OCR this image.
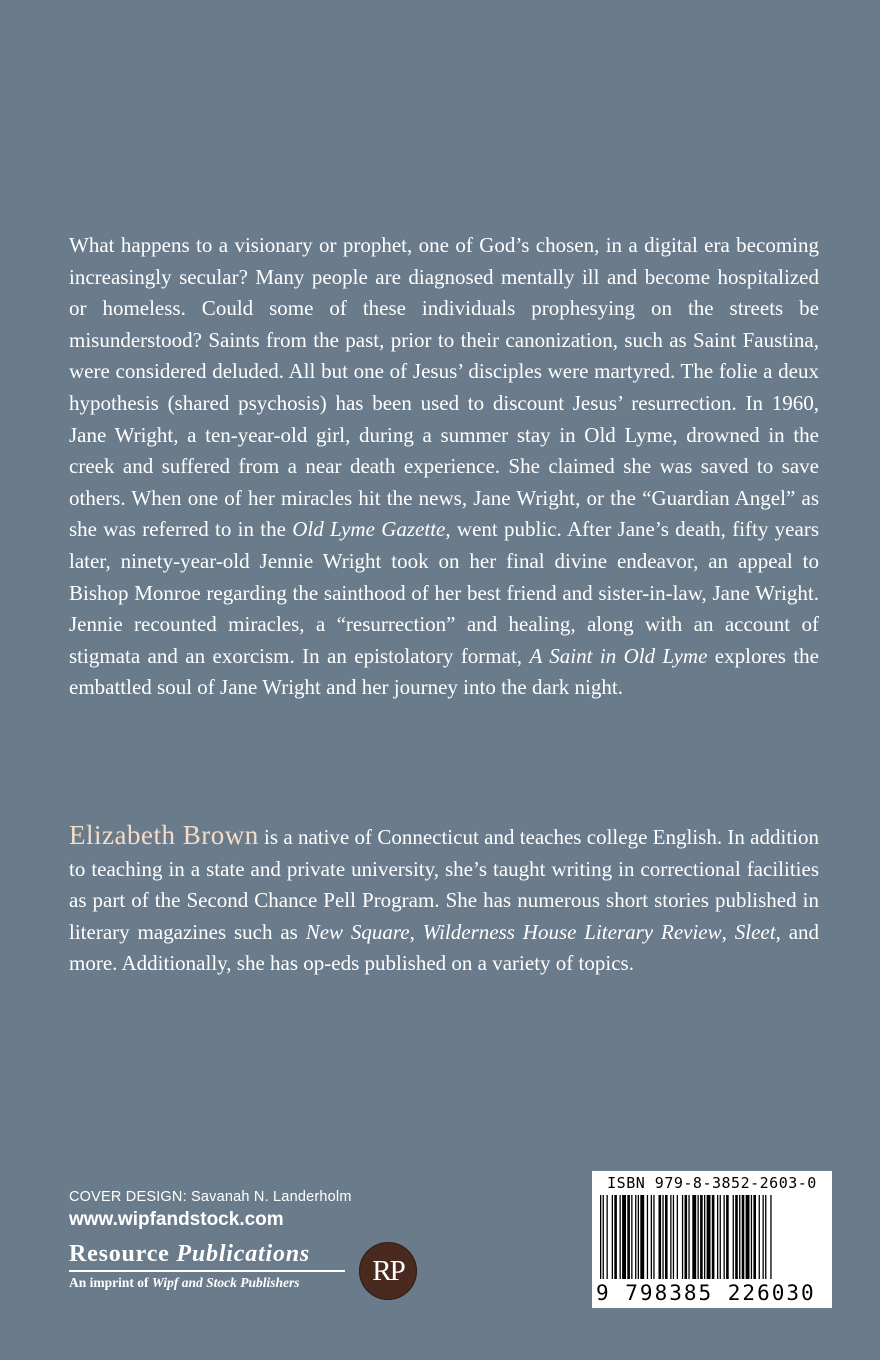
What happens to a visionary or prophet, one of God’s chosen, in a digital era becoming increasingly secular? Many people are diagnosed mentally ill and become hospitalized or homeless. Could some of these individuals prophesying on the streets be misunderstood? Saints from the past, prior to their canonization, such as Saint Faustina, were considered deluded. All but one of Jesus’ disciples were martyred. The folie a deux hypothesis (shared psychosis) has been used to discount Jesus’ resurrection. In 1960, Jane Wright, a ten-year-old girl, during a summer stay in Old Lyme, drowned in the creek and suffered from a near death experience. She claimed she was saved to save others. When one of her miracles hit the news, Jane Wright, or the “Guardian Angel” as she was referred to in the Old Lyme Gazette, went public. After Jane’s death, fifty years later, ninety-year-old Jennie Wright took on her final divine endeavor, an appeal to Bishop Monroe regarding the sainthood of her best friend and sister-in-law, Jane Wright. Jennie recounted miracles, a “resurrection” and healing, along with an account of stigmata and an exorcism. In an epistolatory format, A Saint in Old Lyme explores the embattled soul of Jane Wright and her journey into the dark night.

Elizabeth Brown is a native of Connecticut and teaches college English. In addition to teaching in a state and private university, she’s taught writing in correctional facilities as part of the Second Chance Pell Program. She has numerous short stories published in literary magazines such as New Square, Wilderness House Literary Review, Sleet, and more. Additionally, she has op-eds published on a variety of topics.

COVER DESIGN: Savanah N. Landerholm
www.wipfandstock.com
Resource Publications
An imprint of Wipf and Stock Publishers	RP
ISBN 979-8-3852-2603-0
9 798385 226030
